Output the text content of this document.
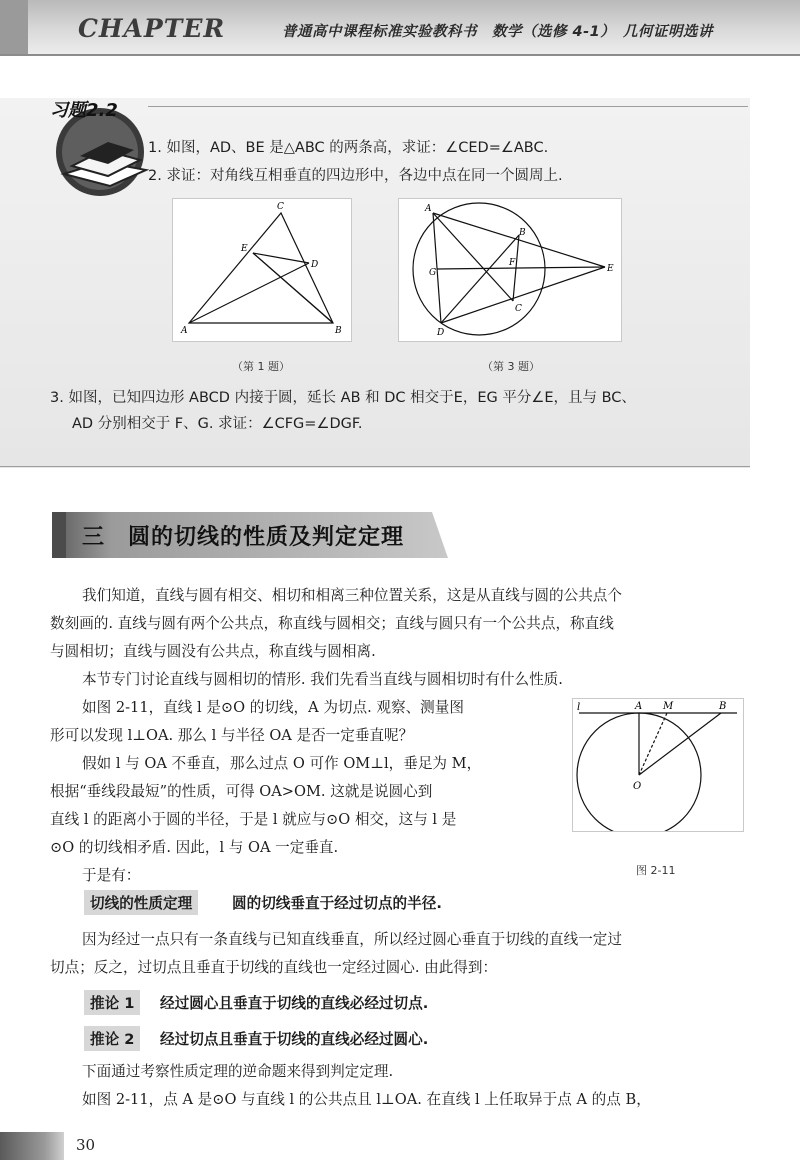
CHAPTER	普通高中课程标准实验教科书　数学（选修 4-1）　几何证明选讲
习题2.2
1. 如图，AD、BE 是△ABC 的两条高，求证：∠CED=∠ABC.
2. 求证：对角线互相垂直的四边形中，各边中点在同一个圆周上.
C
E
D
A	B
（第 1 题）
A
B
G
F
E
C
D
（第 3 题）
3. 如图，已知四边形 ABCD 内接于圆，延长 AB 和 DC 相交于E，EG 平分∠E，且与 BC、
AD 分别相交于 F、G. 求证：∠CFG=∠DGF.
三　圆的切线的性质及判定定理
我们知道，直线与圆有相交、相切和相离三种位置关系，这是从直线与圆的公共点个
数刻画的. 直线与圆有两个公共点，称直线与圆相交；直线与圆只有一个公共点，称直线
与圆相切；直线与圆没有公共点，称直线与圆相离.
本节专门讨论直线与圆相切的情形. 我们先看当直线与圆相切时有什么性质.
如图 2-11，直线 l 是⊙O 的切线，A 为切点. 观察、测量图
形可以发现 l⊥OA. 那么 l 与半径 OA 是否一定垂直呢？
假如 l 与 OA 不垂直，那么过点 O 可作 OM⊥l，垂足为 M，
根据“垂线段最短”的性质，可得 OA>OM. 这就是说圆心到
直线 l 的距离小于圆的半径，于是 l 就应与⊙O 相交，这与 l 是
⊙O 的切线相矛盾. 因此，l 与 OA 一定垂直.
于是有：
l	A M	B
O
图 2-11
切线的性质定理	圆的切线垂直于经过切点的半径.
因为经过一点只有一条直线与已知直线垂直，所以经过圆心垂直于切线的直线一定过
切点；反之，过切点且垂直于切线的直线也一定经过圆心. 由此得到：
推论 1	经过圆心且垂直于切线的直线必经过切点.
推论 2	经过切点且垂直于切线的直线必经过圆心.
下面通过考察性质定理的逆命题来得到判定定理.
如图 2-11，点 A 是⊙O 与直线 l 的公共点且 l⊥OA. 在直线 l 上任取异于点 A 的点 B，
30
